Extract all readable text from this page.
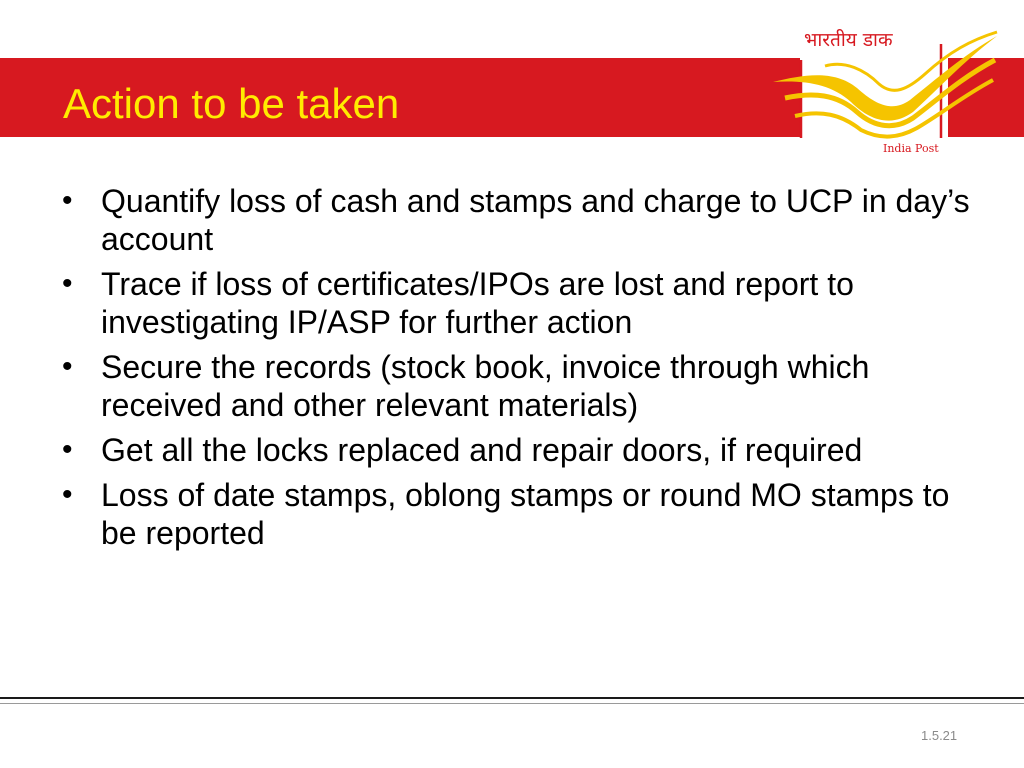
Action to be taken
भारतीय डाक
India Post
• Quantify loss of cash and stamps and charge to UCP in day’s account
• Trace if loss of certificates/IPOs are lost and report to investigating IP/ASP for further action
• Secure the records (stock book, invoice through which received and other relevant materials)
• Get all the locks replaced and repair doors, if required
• Loss of date stamps, oblong stamps or round MO stamps to be reported
1.5.21
